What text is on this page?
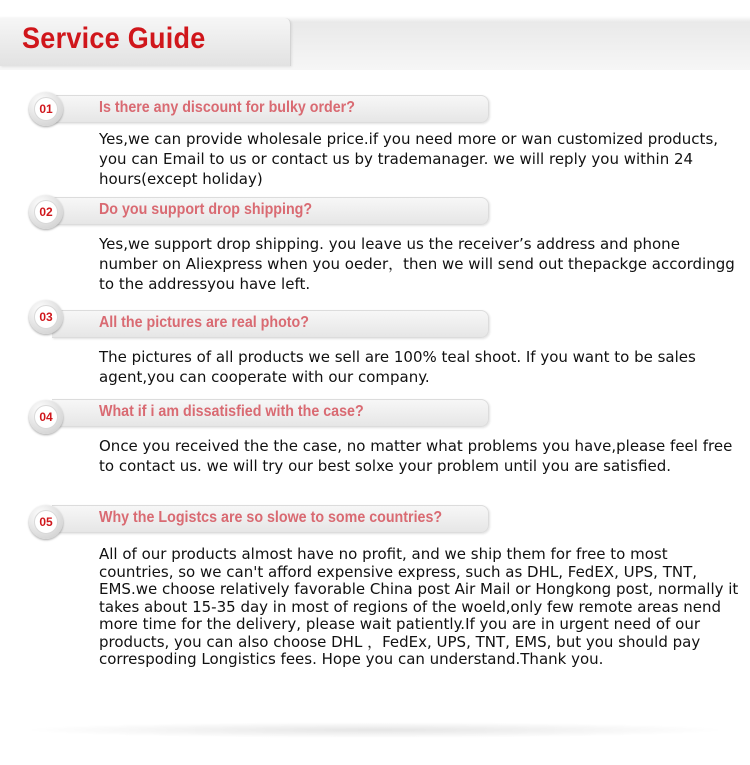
Service Guide
Is there any discount for bulky order?
01

Yes,we can provide wholesale price.if you need more or wan customized products, you can Email to us or contact us by trademanager. we will reply you within 24 hours(except holiday)

Do you support drop shipping?
02

Yes,we support drop shipping. you leave us the receiver’s address and phone number on Aliexpress when you oeder，then we will send out thepackge accordingg to the addressyou have left.

All the pictures are real photo?
03

The pictures of all products we sell are 100% teal shoot. If you want to be sales agent,you can cooperate with our company.

What if i am dissatisfied with the case?
04

Once you received the the case, no matter what problems you have,please feel free to contact us. we will try our best solxe your problem until you are satisfied.

Why the Logistcs are so slowe to some countries?
05

All of our products almost have no profit, and we ship them for free to most countries, so we can't afford expensive express, such as DHL, FedEX, UPS, TNT, EMS.we choose relatively favorable China post Air Mail or Hongkong post, normally it takes about 15-35 day in most of regions of the woeld,only few remote areas nend more time for the delivery, please wait patiently.If you are in urgent need of our products, you can also choose DHL ，FedEx, UPS, TNT, EMS, but you should pay correspoding Longistics fees. Hope you can understand.Thank you.
